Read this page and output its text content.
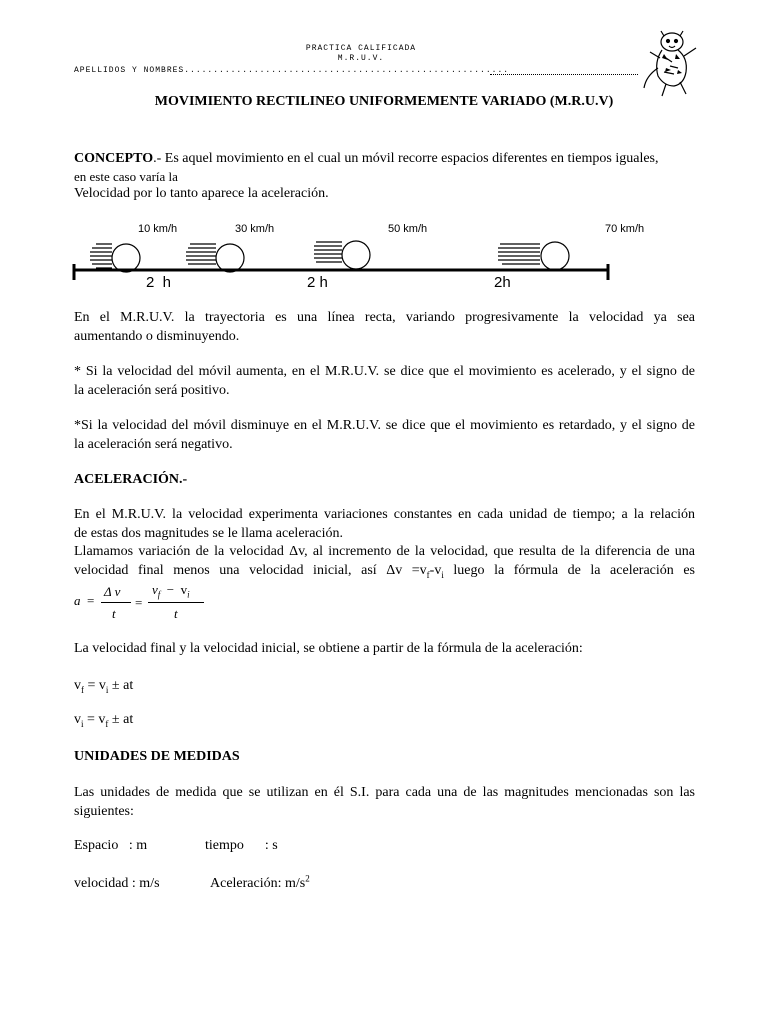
PRACTICA CALIFICADA
M.R.U.V.
APELLIDOS Y NOMBRES........................................................
MOVIMIENTO RECTILINEO UNIFORMEMENTE VARIADO (M.R.U.V)
CONCEPTO.- Es aquel movimiento en el cual un móvil recorre espacios diferentes en tiempos iguales,
en este caso varía la
Velocidad por lo tanto aparece la aceleración.
10 km/h	30 km/h	50 km/h	70 km/h
2  h	2 h	2h
En el M.R.U.V. la trayectoria es una línea recta, variando progresivamente la velocidad ya sea
aumentando o disminuyendo.
* Si la velocidad del móvil aumenta, en el M.R.U.V. se dice que el movimiento es acelerado, y el signo de
la aceleración será positivo.
*Si la velocidad del móvil disminuye en el M.R.U.V. se dice que el movimiento es retardado, y el signo de
la aceleración será negativo.
ACELERACIÓN.-
En el M.R.U.V. la velocidad experimenta variaciones constantes en cada unidad de tiempo; a la relación
de estas dos magnitudes se le llama aceleración.
Llamamos variación de la velocidad Δv, al incremento de la velocidad, que resulta de la diferencia de una
velocidad final menos una velocidad inicial, así $\Delta v =v_f-v_i$ luego la fórmula de la aceleración es
a =
Δ v
t
=
$v_f - v_i$
t
La velocidad final y la velocidad inicial, se obtiene a partir de la fórmula de la aceleración:
$v_f = v_i$ ± at
$v_i = v_f$ ± at
UNIDADES DE MEDIDAS
Las unidades de medida que se utilizan en él S.I. para cada una de las magnitudes mencionadas son las
siguientes:
Espacio   : m	tiempo      : s
velocidad : m/s	Aceleración: $m/s^2$
